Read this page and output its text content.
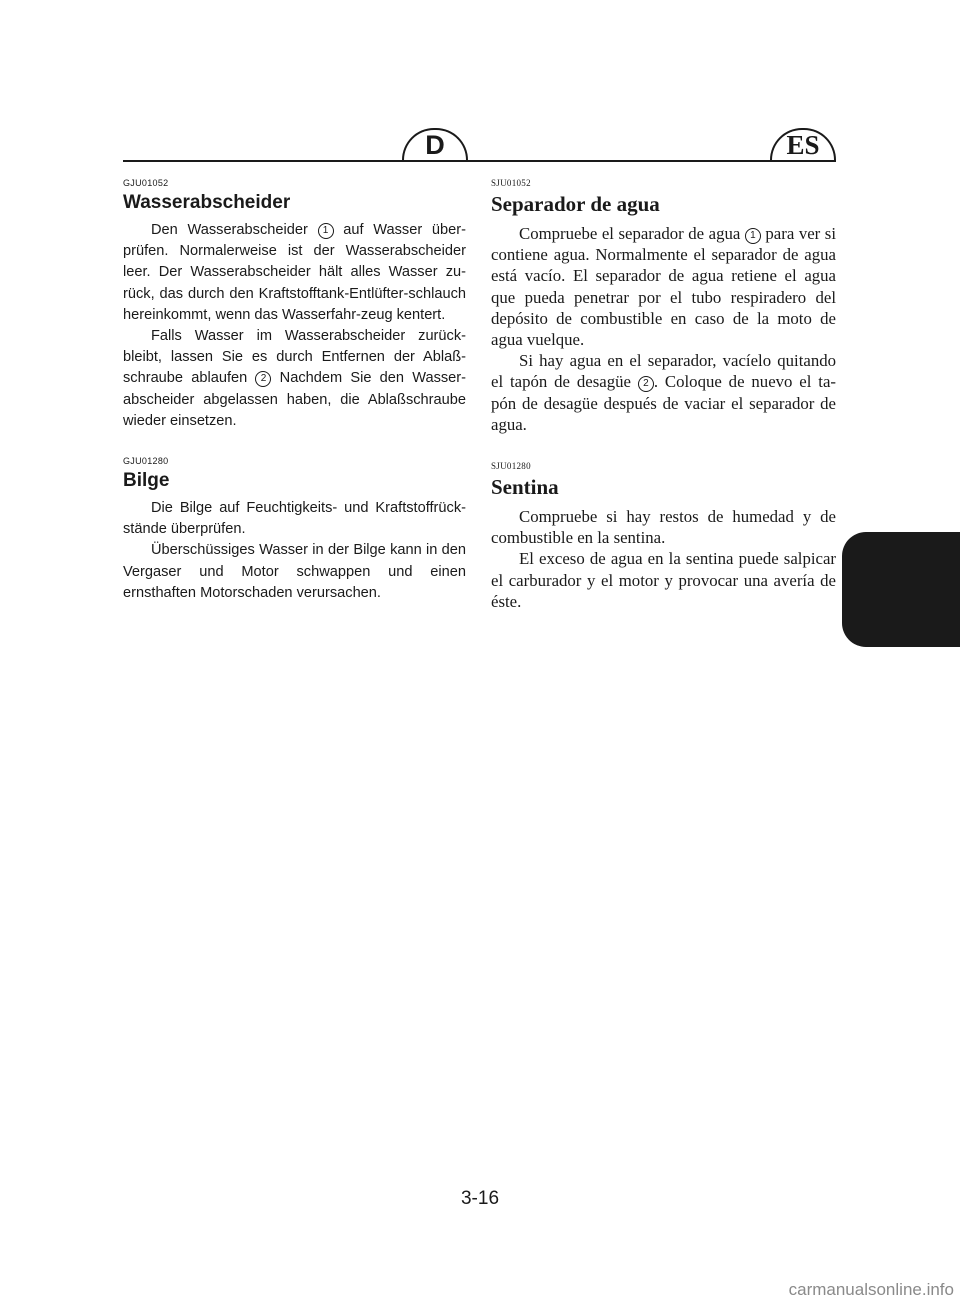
D	ES

GJU01052

Wasserabscheider

Den Wasserabscheider 1 auf Wasser über-prüfen. Normalerweise ist der Wasserabscheider leer. Der Wasserabscheider hält alles Wasser zu-rück, das durch den Kraftstofftank-Entlüfter-schlauch hereinkommt, wenn das Wasserfahr-zeug kentert.

Falls Wasser im Wasserabscheider zurück-bleibt, lassen Sie es durch Entfernen der Ablaß-schraube ablaufen 2 Nachdem Sie den Wasser-abscheider abgelassen haben, die Ablaßschraube wieder einsetzen.

GJU01280

Bilge

Die Bilge auf Feuchtigkeits- und Kraftstoffrück-stände überprüfen.

Überschüssiges Wasser in der Bilge kann in den Vergaser und Motor schwappen und einen ernsthaften Motorschaden verursachen.

SJU01052

Separador de agua

Compruebe el separador de agua 1 para ver si contiene agua. Normalmente el separador de agua está vacío. El separador de agua retiene el agua que pueda penetrar por el tubo respiradero del depósito de combustible en caso de la moto de agua vuelque.

Si hay agua en el separador, vacíelo quitando el tapón de desagüe 2 . Coloque de nuevo el ta-pón de desagüe después de vaciar el separador de agua.

SJU01280

Sentina

Compruebe si hay restos de humedad y de combustible en la sentina.

El exceso de agua en la sentina puede salpicar el carburador y el motor y provocar una avería de éste.

3-16
carmanualsonline.info
